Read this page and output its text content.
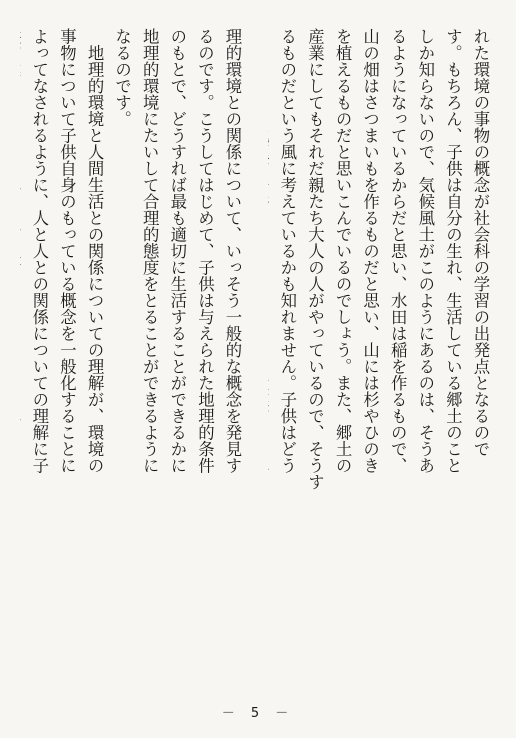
れた環境の事物の概念が社会科の学習の出発点となるので

す。もちろん、子供は自分の生れ、生活している郷土のこと

しか知らないので、気候風土がこのようにあるのは、そうあ

るようになっているからだと思い、水田は稲を作るもので、

山の畑はさつまいもを作るものだと思い、山には杉やひのき

を植えるものだと思いこんでいるのでしょう。また、郷土の

産業にしてもそれだ親たち大人の人がやっているので、そうす

るものだという風に考えているかも知れません。子供はどう

理的環境との関係について、いっそう一般的な概念を発見す

るのです。こうしてはじめて、子供は与えられた地理的条件

のもとで、どうすれば最も適切に生活することができるかに

地理的環境にたいして合理的態度をとることができるように

なるのです。

　地理的環境と人間生活との関係についての理解が、環境の

事物について子供自身のもっている概念を一般化することに

よってなされるように、人と人との関係についての理解に子

－ 5 －
